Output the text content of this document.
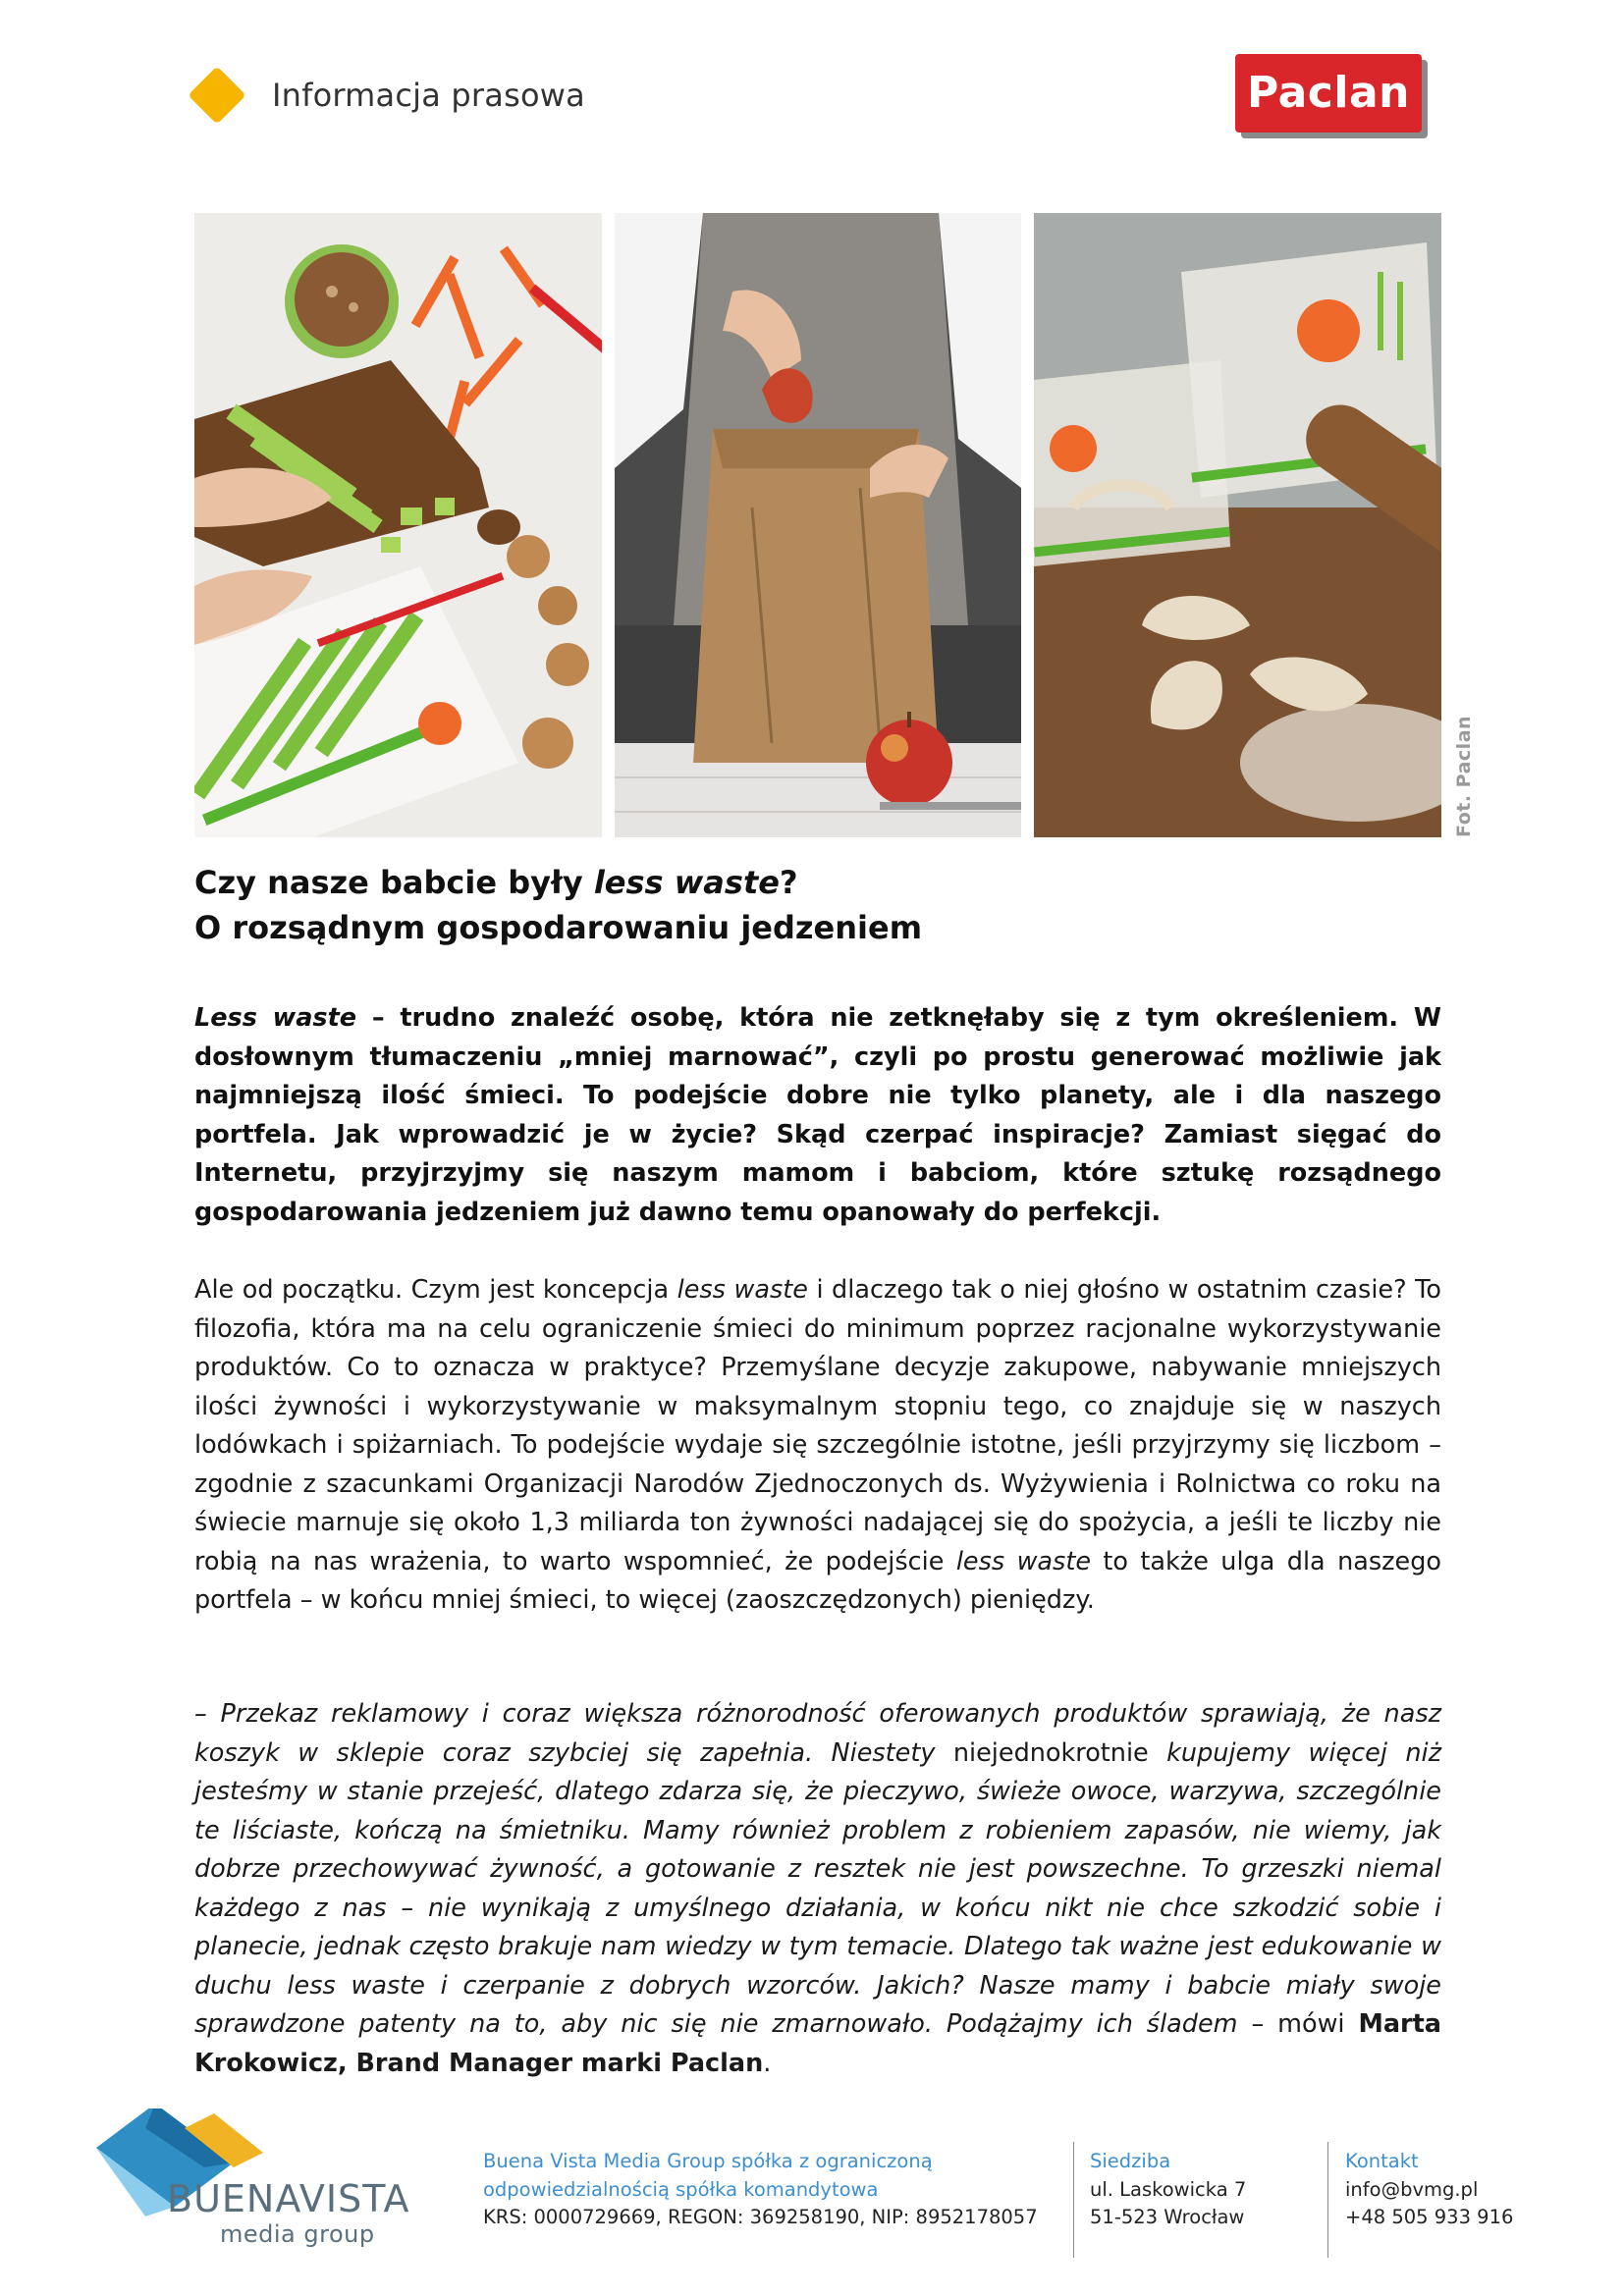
Informacja prasowa	Paclan
Fot. Paclan
Czy nasze babcie były less waste?
O rozsądnym gospodarowaniu jedzeniem

Less waste – trudno znaleźć osobę, która nie zetknęłaby się z tym określeniem. W dosłownym tłumaczeniu „mniej marnować”, czyli po prostu generować możliwie jak najmniejszą ilość śmieci. To podejście dobre nie tylko planety, ale i dla naszego portfela. Jak wprowadzić je w życie? Skąd czerpać inspiracje? Zamiast sięgać do Internetu, przyjrzyjmy się naszym mamom i babciom, które sztukę rozsądnego gospodarowania jedzeniem już dawno temu opanowały do perfekcji.

Ale od początku. Czym jest koncepcja less waste i dlaczego tak o niej głośno w ostatnim czasie? To filozofia, która ma na celu ograniczenie śmieci do minimum poprzez racjonalne wykorzystywanie produktów. Co to oznacza w praktyce? Przemyślane decyzje zakupowe, nabywanie mniejszych ilości żywności i wykorzystywanie w maksymalnym stopniu tego, co znajduje się w naszych lodówkach i spiżarniach. To podejście wydaje się szczególnie istotne, jeśli przyjrzymy się liczbom – zgodnie z szacunkami Organizacji Narodów Zjednoczonych ds. Wyżywienia i Rolnictwa co roku na świecie marnuje się około 1,3 miliarda ton żywności nadającej się do spożycia, a jeśli te liczby nie robią na nas wrażenia, to warto wspomnieć, że podejście less waste to także ulga dla naszego portfela – w końcu mniej śmieci, to więcej (zaoszczędzonych) pieniędzy.

– Przekaz reklamowy i coraz większa różnorodność oferowanych produktów sprawiają, że nasz koszyk w sklepie coraz szybciej się zapełnia. Niestety niejednokrotnie kupujemy więcej niż jesteśmy w stanie przejeść, dlatego zdarza się, że pieczywo, świeże owoce, warzywa, szczególnie te liściaste, kończą na śmietniku. Mamy również problem z robieniem zapasów, nie wiemy, jak dobrze przechowywać żywność, a gotowanie z resztek nie jest powszechne. To grzeszki niemal każdego z nas – nie wynikają z umyślnego działania, w końcu nikt nie chce szkodzić sobie i planecie, jednak często brakuje nam wiedzy w tym temacie. Dlatego tak ważne jest edukowanie w duchu less waste i czerpanie z dobrych wzorców. Jakich? Nasze mamy i babcie miały swoje sprawdzone patenty na to, aby nic się nie zmarnowało. Podążajmy ich śladem – mówi Marta Krokowicz, Brand Manager marki Paclan.

BUENAVISTA
media group
Buena Vista Media Group spółka z ograniczoną
odpowiedzialnością spółka komandytowa
KRS: 0000729669, REGON: 369258190, NIP: 8952178057
Siedziba
ul. Laskowicka 7
51-523 Wrocław
Kontakt
info@bvmg.pl
+48 505 933 916
